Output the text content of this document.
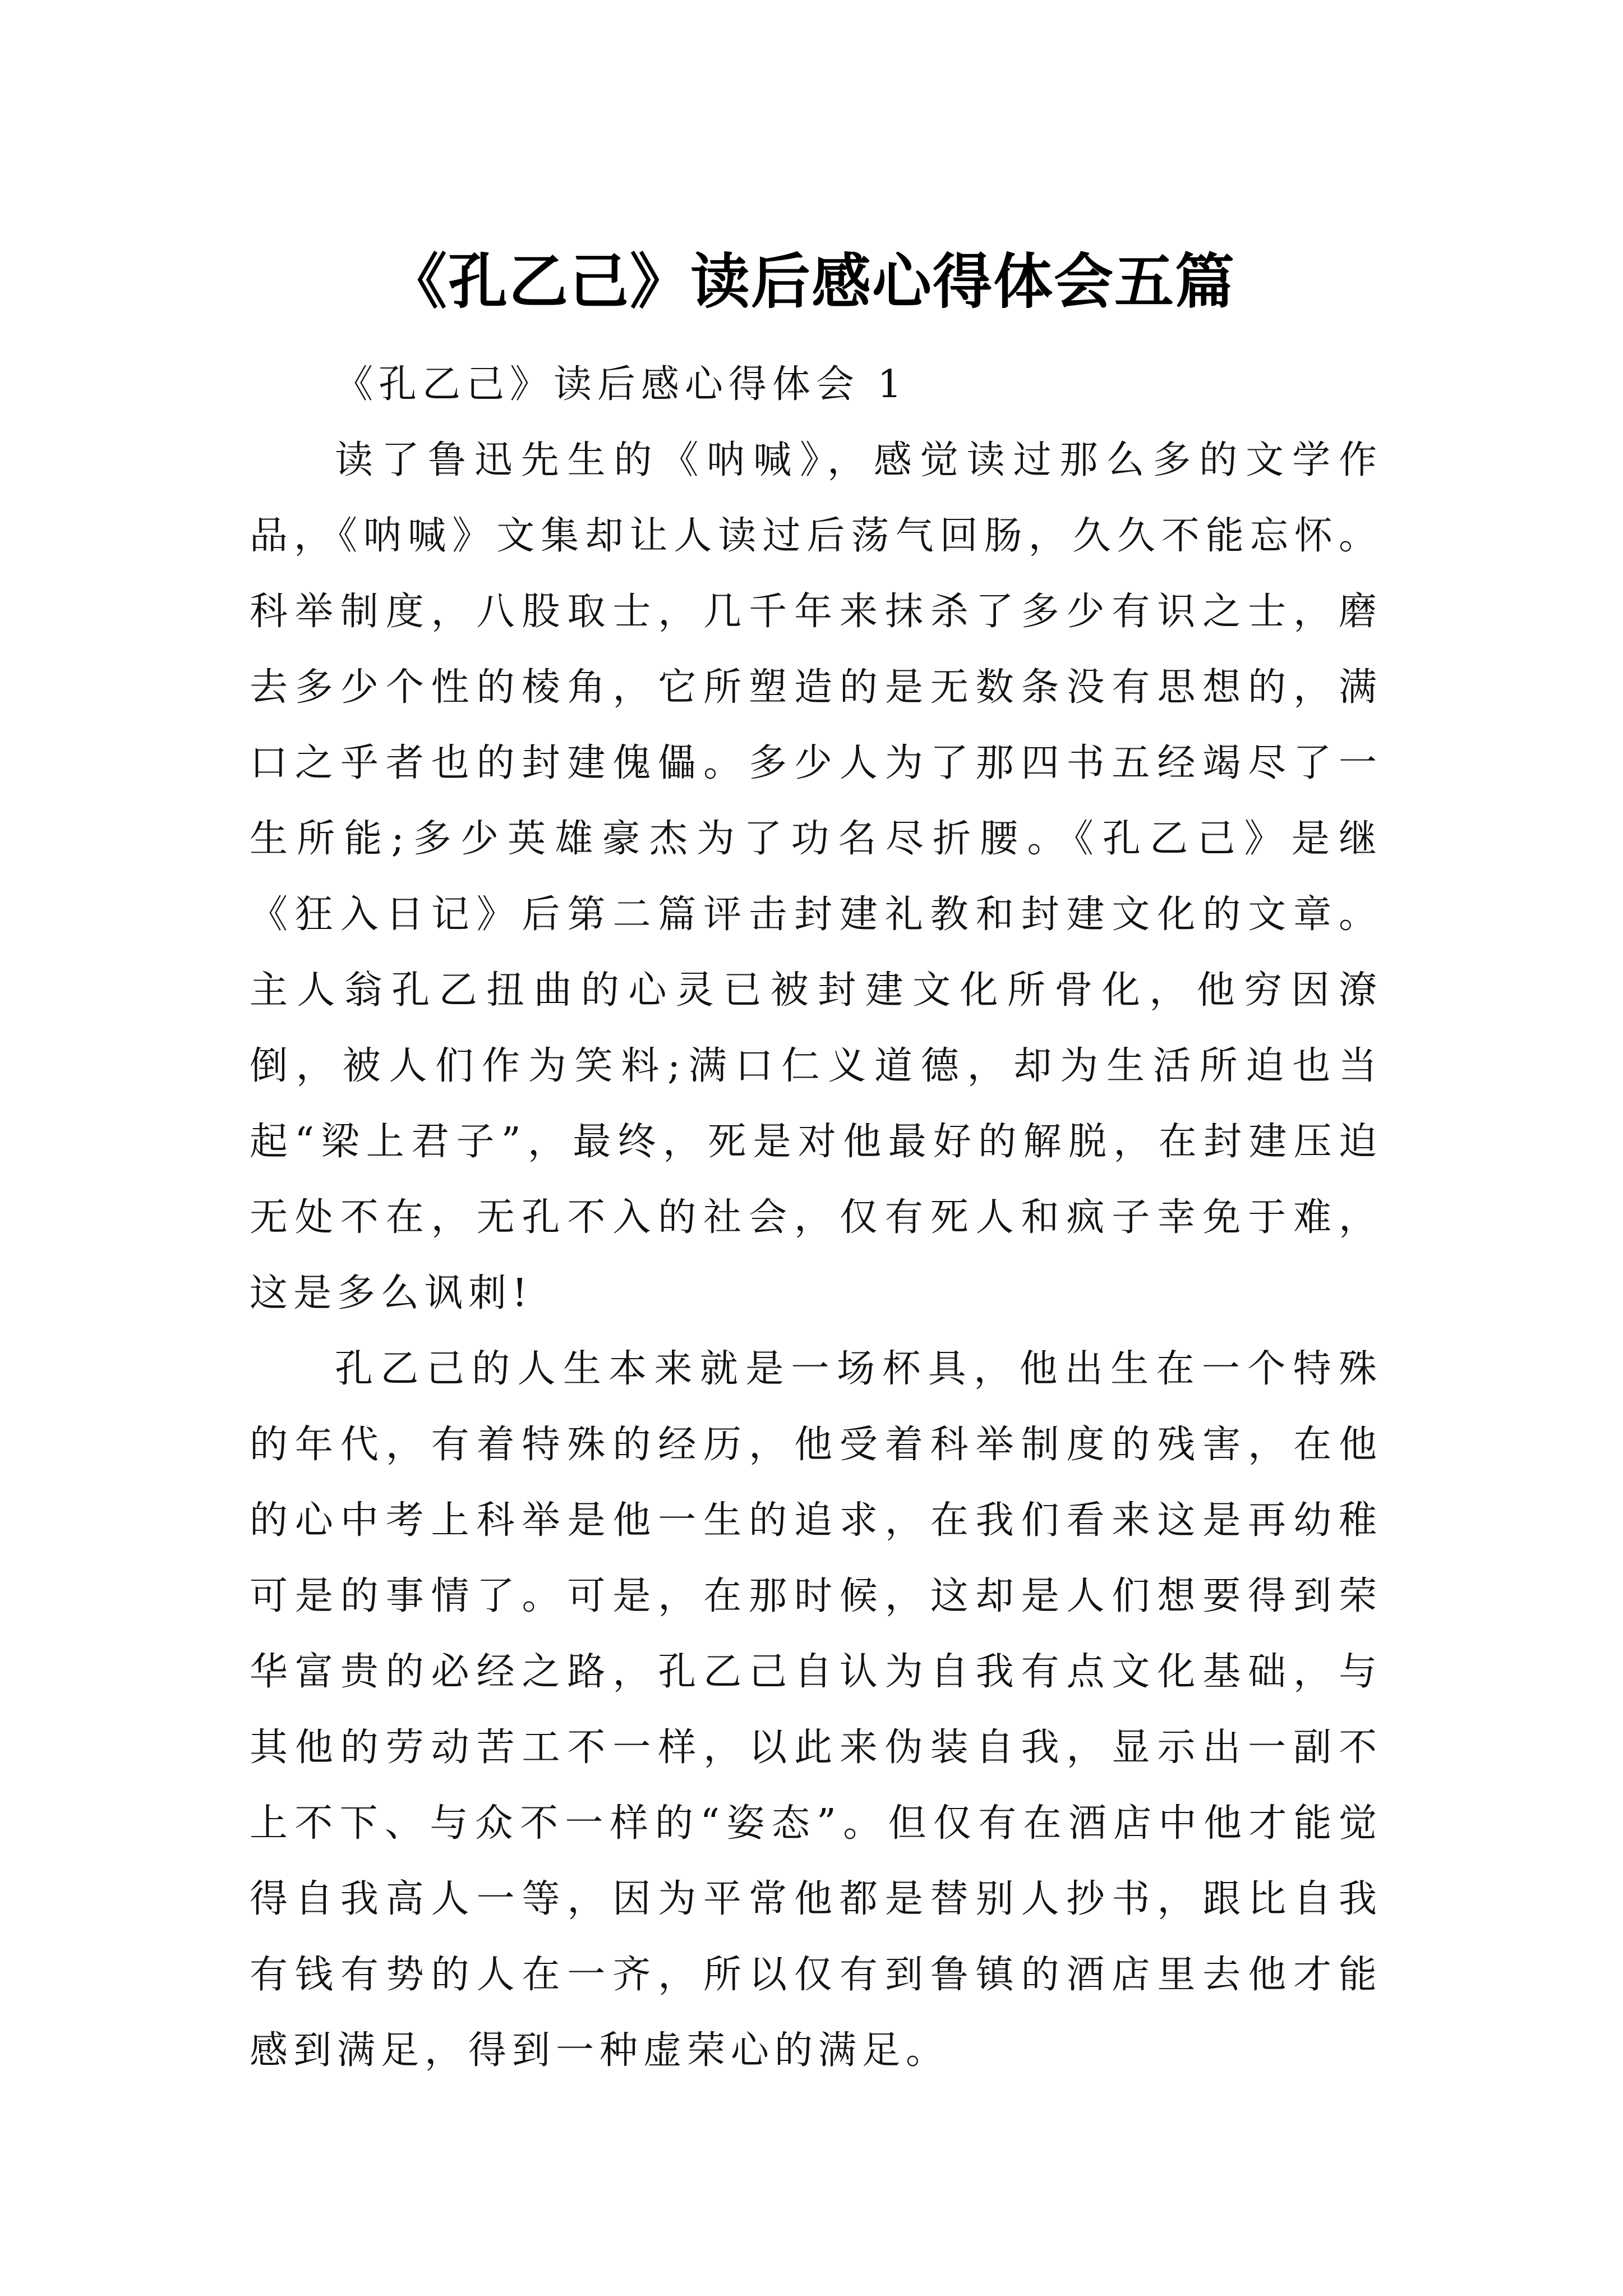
《孔乙己》读后感心得体会五篇

《孔乙己》读后感心得体会 1

读了鲁迅先生的《呐喊》，感觉读过那么多的文学作品，《呐喊》文集却让人读过后荡气回肠，久久不能忘怀。科举制度，八股取士，几千年来抹杀了多少有识之士，磨去多少个性的棱角，它所塑造的是无数条没有思想的，满口之乎者也的封建傀儡。多少人为了那四书五经竭尽了一生所能;多少英雄豪杰为了功名尽折腰。《孔乙己》是继《狂入日记》后第二篇评击封建礼教和封建文化的文章。主人翁孔乙扭曲的心灵已被封建文化所骨化，他穷因潦倒，被人们作为笑料;满口仁义道德，却为生活所迫也当起“梁上君子”，最终，死是对他最好的解脱，在封建压迫无处不在，无孔不入的社会，仅有死人和疯子幸免于难，这是多么讽刺!

孔乙己的人生本来就是一场杯具，他出生在一个特殊的年代，有着特殊的经历，他受着科举制度的残害，在他的心中考上科举是他一生的追求，在我们看来这是再幼稚可是的事情了。可是，在那时候，这却是人们想要得到荣华富贵的必经之路，孔乙己自认为自我有点文化基础，与其他的劳动苦工不一样，以此来伪装自我，显示出一副不上不下、与众不一样的“姿态”。但仅有在酒店中他才能觉得自我高人一等，因为平常他都是替别人抄书，跟比自我有钱有势的人在一齐，所以仅有到鲁镇的酒店里去他才能感到满足，得到一种虚荣心的满足。
